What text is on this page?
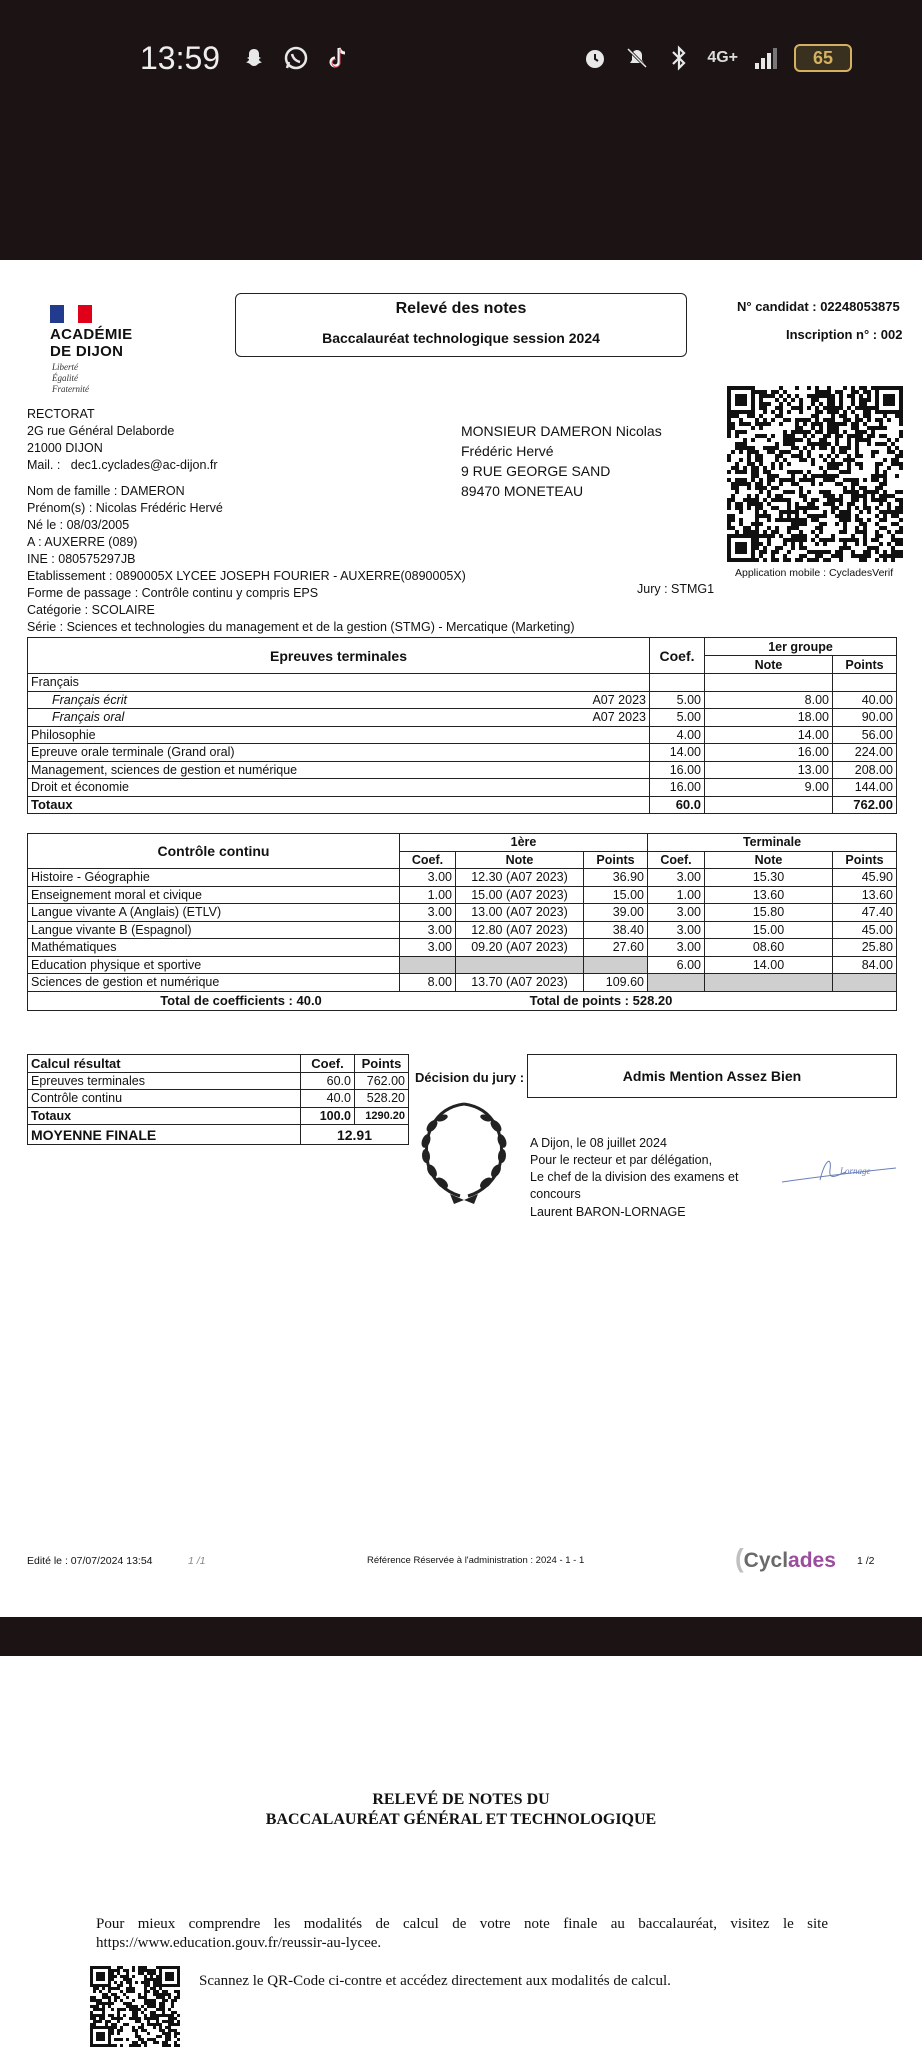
13:59	4G+	65
ACADÉMIE
DE DIJON
Liberté
Égalité
Fraternité
Relevé des notes
Baccalauréat technologique session 2024
N° candidat : 02248053875
Inscription n° : 002
Application mobile : CycladesVerif
RECTORAT
2G rue Général Delaborde
21000 DIJON
Mail. : dec1.cyclades@ac-dijon.fr
MONSIEUR DAMERON Nicolas
Frédéric Hervé
9 RUE GEORGE SAND
89470 MONETEAU
Nom de famille : DAMERON
Prénom(s) : Nicolas Frédéric Hervé
Né le : 08/03/2005
A : AUXERRE (089)
INE : 080575297JB
Etablissement : 0890005X LYCEE JOSEPH FOURIER - AUXERRE(0890005X)
Forme de passage : Contrôle continu y compris EPS
Catégorie : SCOLAIRE
Série : Sciences et technologies du management et de la gestion (STMG) - Mercatique (Marketing)
Jury : STMG1
Epreuves terminales		Coef.	1er groupe	
			Note	Points
Français				
Français écrit	A07 2023	5.00	8.00	40.00
Français oral	A07 2023	5.00	18.00	90.00
Philosophie		4.00	14.00	56.00
Epreuve orale terminale (Grand oral)		14.00	16.00	224.00
Management, sciences de gestion et numérique		16.00	13.00	208.00
Droit et économie		16.00	9.00	144.00
Totaux		60.0		762.00
Contrôle continu	1ère			Terminale		
	Coef.	Note	Points	Coef.	Note	Points
Histoire - Géographie	3.00	12.30 (A07 2023)	36.90	3.00	15.30	45.90
Enseignement moral et civique	1.00	15.00 (A07 2023)	15.00	1.00	13.60	13.60
Langue vivante A (Anglais) (ETLV)	3.00	13.00 (A07 2023)	39.00	3.00	15.80	47.40
Langue vivante B (Espagnol)	3.00	12.80 (A07 2023)	38.40	3.00	15.00	45.00
Mathématiques	3.00	09.20 (A07 2023)	27.60	3.00	08.60	25.80
Education physique et sportive				6.00	14.00	84.00
Sciences de gestion et numérique	8.00	13.70 (A07 2023)	109.60			
Total de coefficients : 40.0 Total de points : 528.20						
Calcul résultat	Coef.	Points
Epreuves terminales	60.0	762.00
Contrôle continu	40.0	528.20
Totaux	100.0	1290.20
MOYENNE FINALE	12.91	
Décision du jury :	Admis Mention Assez Bien
A Dijon, le 08 juillet 2024
Pour le recteur et par délégation,
Le chef de la division des examens et
concours
Laurent BARON-LORNAGE
Lornage
Edité le : 07/07/2024 13:54	1 /1	Référence Réservée à l'administration : 2024 - 1 - 1	(Cyclades 1 /2
RELEVÉ DE NOTES DU
BACCALAURÉAT GÉNÉRAL ET TECHNOLOGIQUE
Pour mieux comprendre les modalités de calcul de votre note finale au baccalauréat, visitez le site https://www.education.gouv.fr/reussir-au-lycee.
Scannez le QR-Code ci-contre et accédez directement aux modalités de calcul.
